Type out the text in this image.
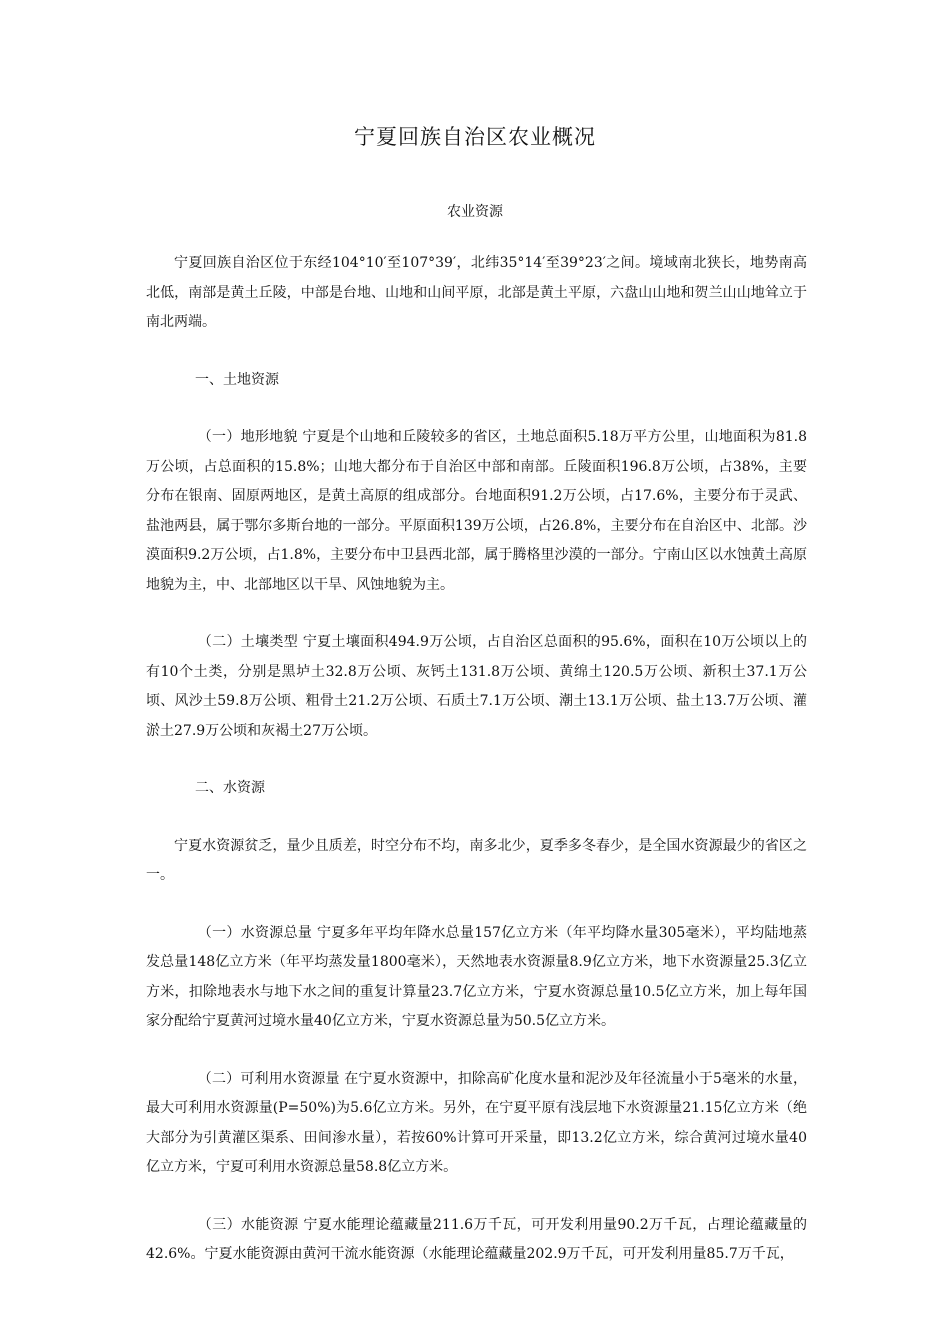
宁夏回族自治区农业概况
农业资源

宁夏回族自治区位于东经104°10′至107°39′，北纬35°14′至39°23′之间。境域南北狭长，地势南高北低，南部是黄土丘陵，中部是台地、山地和山间平原，北部是黄土平原，六盘山山地和贺兰山山地耸立于南北两端。

一、土地资源

（一）地形地貌 宁夏是个山地和丘陵较多的省区，土地总面积5.18万平方公里，山地面积为81.8万公顷，占总面积的15.8%；山地大都分布于自治区中部和南部。丘陵面积196.8万公顷，占38%，主要分布在银南、固原两地区，是黄土高原的组成部分。台地面积91.2万公顷，占17.6%，主要分布于灵武、盐池两县，属于鄂尔多斯台地的一部分。平原面积139万公顷，占26.8%，主要分布在自治区中、北部。沙漠面积9.2万公顷，占1.8%，主要分布中卫县西北部，属于腾格里沙漠的一部分。宁南山区以水蚀黄土高原地貌为主，中、北部地区以干旱、风蚀地貌为主。

（二）土壤类型 宁夏土壤面积494.9万公顷，占自治区总面积的95.6%，面积在10万公顷以上的有10个土类，分别是黑垆土32.8万公顷、灰钙土131.8万公顷、黄绵土120.5万公顷、新积土37.1万公顷、风沙土59.8万公顷、粗骨土21.2万公顷、石质土7.1万公顷、潮土13.1万公顷、盐土13.7万公顷、灌淤土27.9万公顷和灰褐土27万公顷。

二、水资源

宁夏水资源贫乏，量少且质差，时空分布不均，南多北少，夏季多冬春少，是全国水资源最少的省区之一。

（一）水资源总量 宁夏多年平均年降水总量157亿立方米（年平均降水量305毫米），平均陆地蒸发总量148亿立方米（年平均蒸发量1800毫米），天然地表水资源量8.9亿立方米，地下水资源量25.3亿立方米，扣除地表水与地下水之间的重复计算量23.7亿立方米，宁夏水资源总量10.5亿立方米，加上每年国家分配给宁夏黄河过境水量40亿立方米，宁夏水资源总量为50.5亿立方米。

（二）可利用水资源量 在宁夏水资源中，扣除高矿化度水量和泥沙及年径流量小于5毫米的水量，最大可利用水资源量(P=50%)为5.6亿立方米。另外，在宁夏平原有浅层地下水资源量21.15亿立方米（绝大部分为引黄灌区渠系、田间渗水量），若按60%计算可开采量，即13.2亿立方米，综合黄河过境水量40亿立方米，宁夏可利用水资源总量58.8亿立方米。

（三）水能资源 宁夏水能理论蕴藏量211.6万千瓦，可开发利用量90.2万千瓦，占理论蕴藏量的42.6%。宁夏水能资源由黄河干流水能资源（水能理论蕴藏量202.9万千瓦，可开发利用量85.7万千瓦，
